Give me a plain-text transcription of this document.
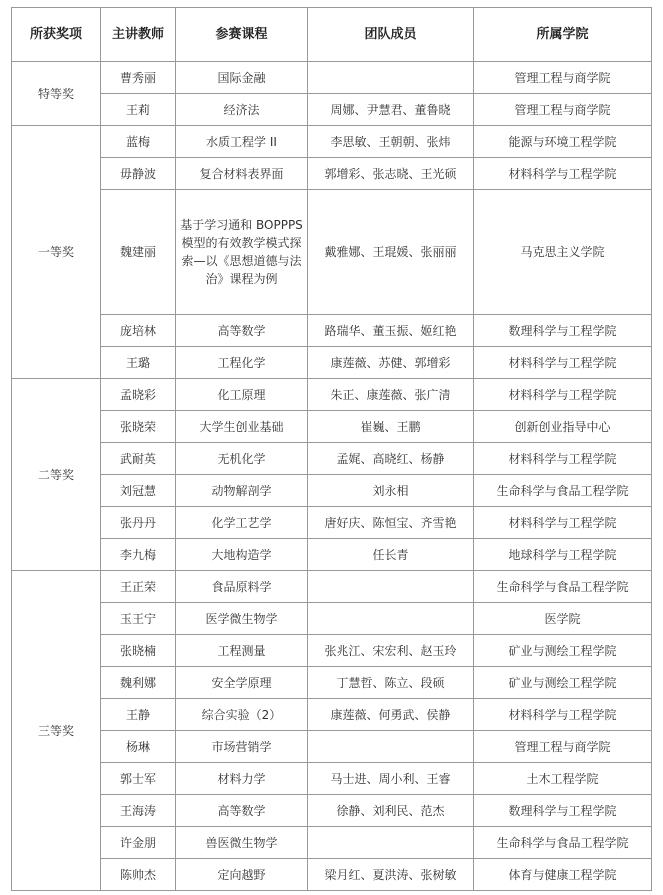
所获奖项	主讲教师	参赛课程	团队成员	所属学院
特等奖	曹秀丽	国际金融		管理工程与商学院
	王莉	经济法	周娜、尹慧君、董鲁晓	管理工程与商学院
一等奖	蓝梅	水质工程学 II	李思敏、王朝朝、张炜	能源与环境工程学院
	毋静波	复合材料表界面	郭增彩、张志晓、王光硕	材料科学与工程学院
	魏建丽	基于学习通和 BOPPPS 模型的有效教学模式探索—以《思想道德与法治》课程为例	戴雅娜、王琨媛、张丽丽	马克思主义学院
	庞培林	高等数学	路瑞华、董玉振、姬红艳	数理科学与工程学院
	王璐	工程化学	康莲薇、苏健、郭增彩	材料科学与工程学院
二等奖	孟晓彩	化工原理	朱正、康莲薇、张广清	材料科学与工程学院
	张晓荣	大学生创业基础	崔巍、王鹏	创新创业指导中心
	武耐英	无机化学	孟娓、高晓红、杨静	材料科学与工程学院
	刘冠慧	动物解剖学	刘永相	生命科学与食品工程学院
	张丹丹	化学工艺学	唐好庆、陈恒宝、齐雪艳	材料科学与工程学院
	李九梅	大地构造学	任长青	地球科学与工程学院
三等奖	王正荣	食品原料学		生命科学与食品工程学院
	玉王宁	医学微生物学		医学院
	张晓楠	工程测量	张兆江、宋宏利、赵玉玲	矿业与测绘工程学院
	魏利娜	安全学原理	丁慧哲、陈立、段硕	矿业与测绘工程学院
	王静	综合实验（2）	康莲薇、何勇武、侯静	材料科学与工程学院
	杨琳	市场营销学		管理工程与商学院
	郭士军	材料力学	马士进、周小利、王睿	土木工程学院
	王海涛	高等数学	徐静、刘利民、范杰	数理科学与工程学院
	许金朋	兽医微生物学		生命科学与食品工程学院
	陈帅杰	定向越野	梁月红、夏洪涛、张树敏	体育与健康工程学院
